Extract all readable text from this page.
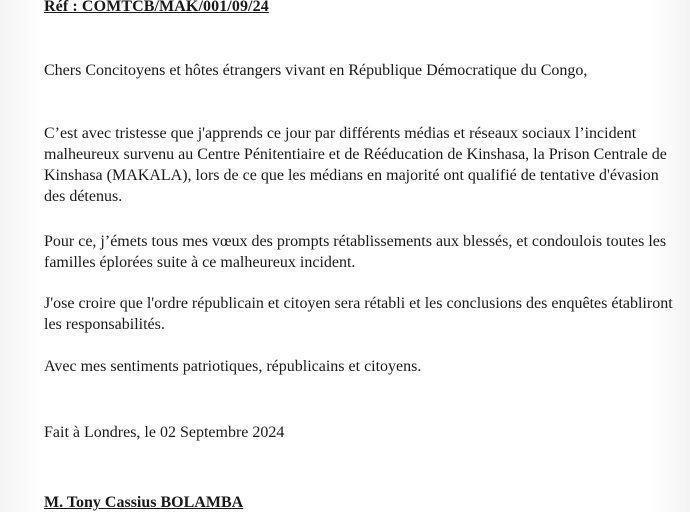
Réf : COMTCB/MAK/001/09/24

Chers Concitoyens et hôtes étrangers vivant en République Démocratique du Congo,

C’est avec tristesse que j'apprends ce jour par différents médias et réseaux sociaux l’incident malheureux survenu au Centre Pénitentiaire et de Rééducation de Kinshasa, la Prison Centrale de Kinshasa (MAKALA), lors de ce que les médians en majorité ont qualifié de tentative d'évasion des détenus.

Pour ce, j’émets tous mes vœux des prompts rétablissements aux blessés, et condoulois toutes les familles éplorées suite à ce malheureux incident.

J'ose croire que l'ordre républicain et citoyen sera rétabli et les conclusions des enquêtes établiront les responsabilités.

Avec mes sentiments patriotiques, républicains et citoyens.

Fait à Londres, le 02 Septembre 2024

M. Tony Cassius BOLAMBA
